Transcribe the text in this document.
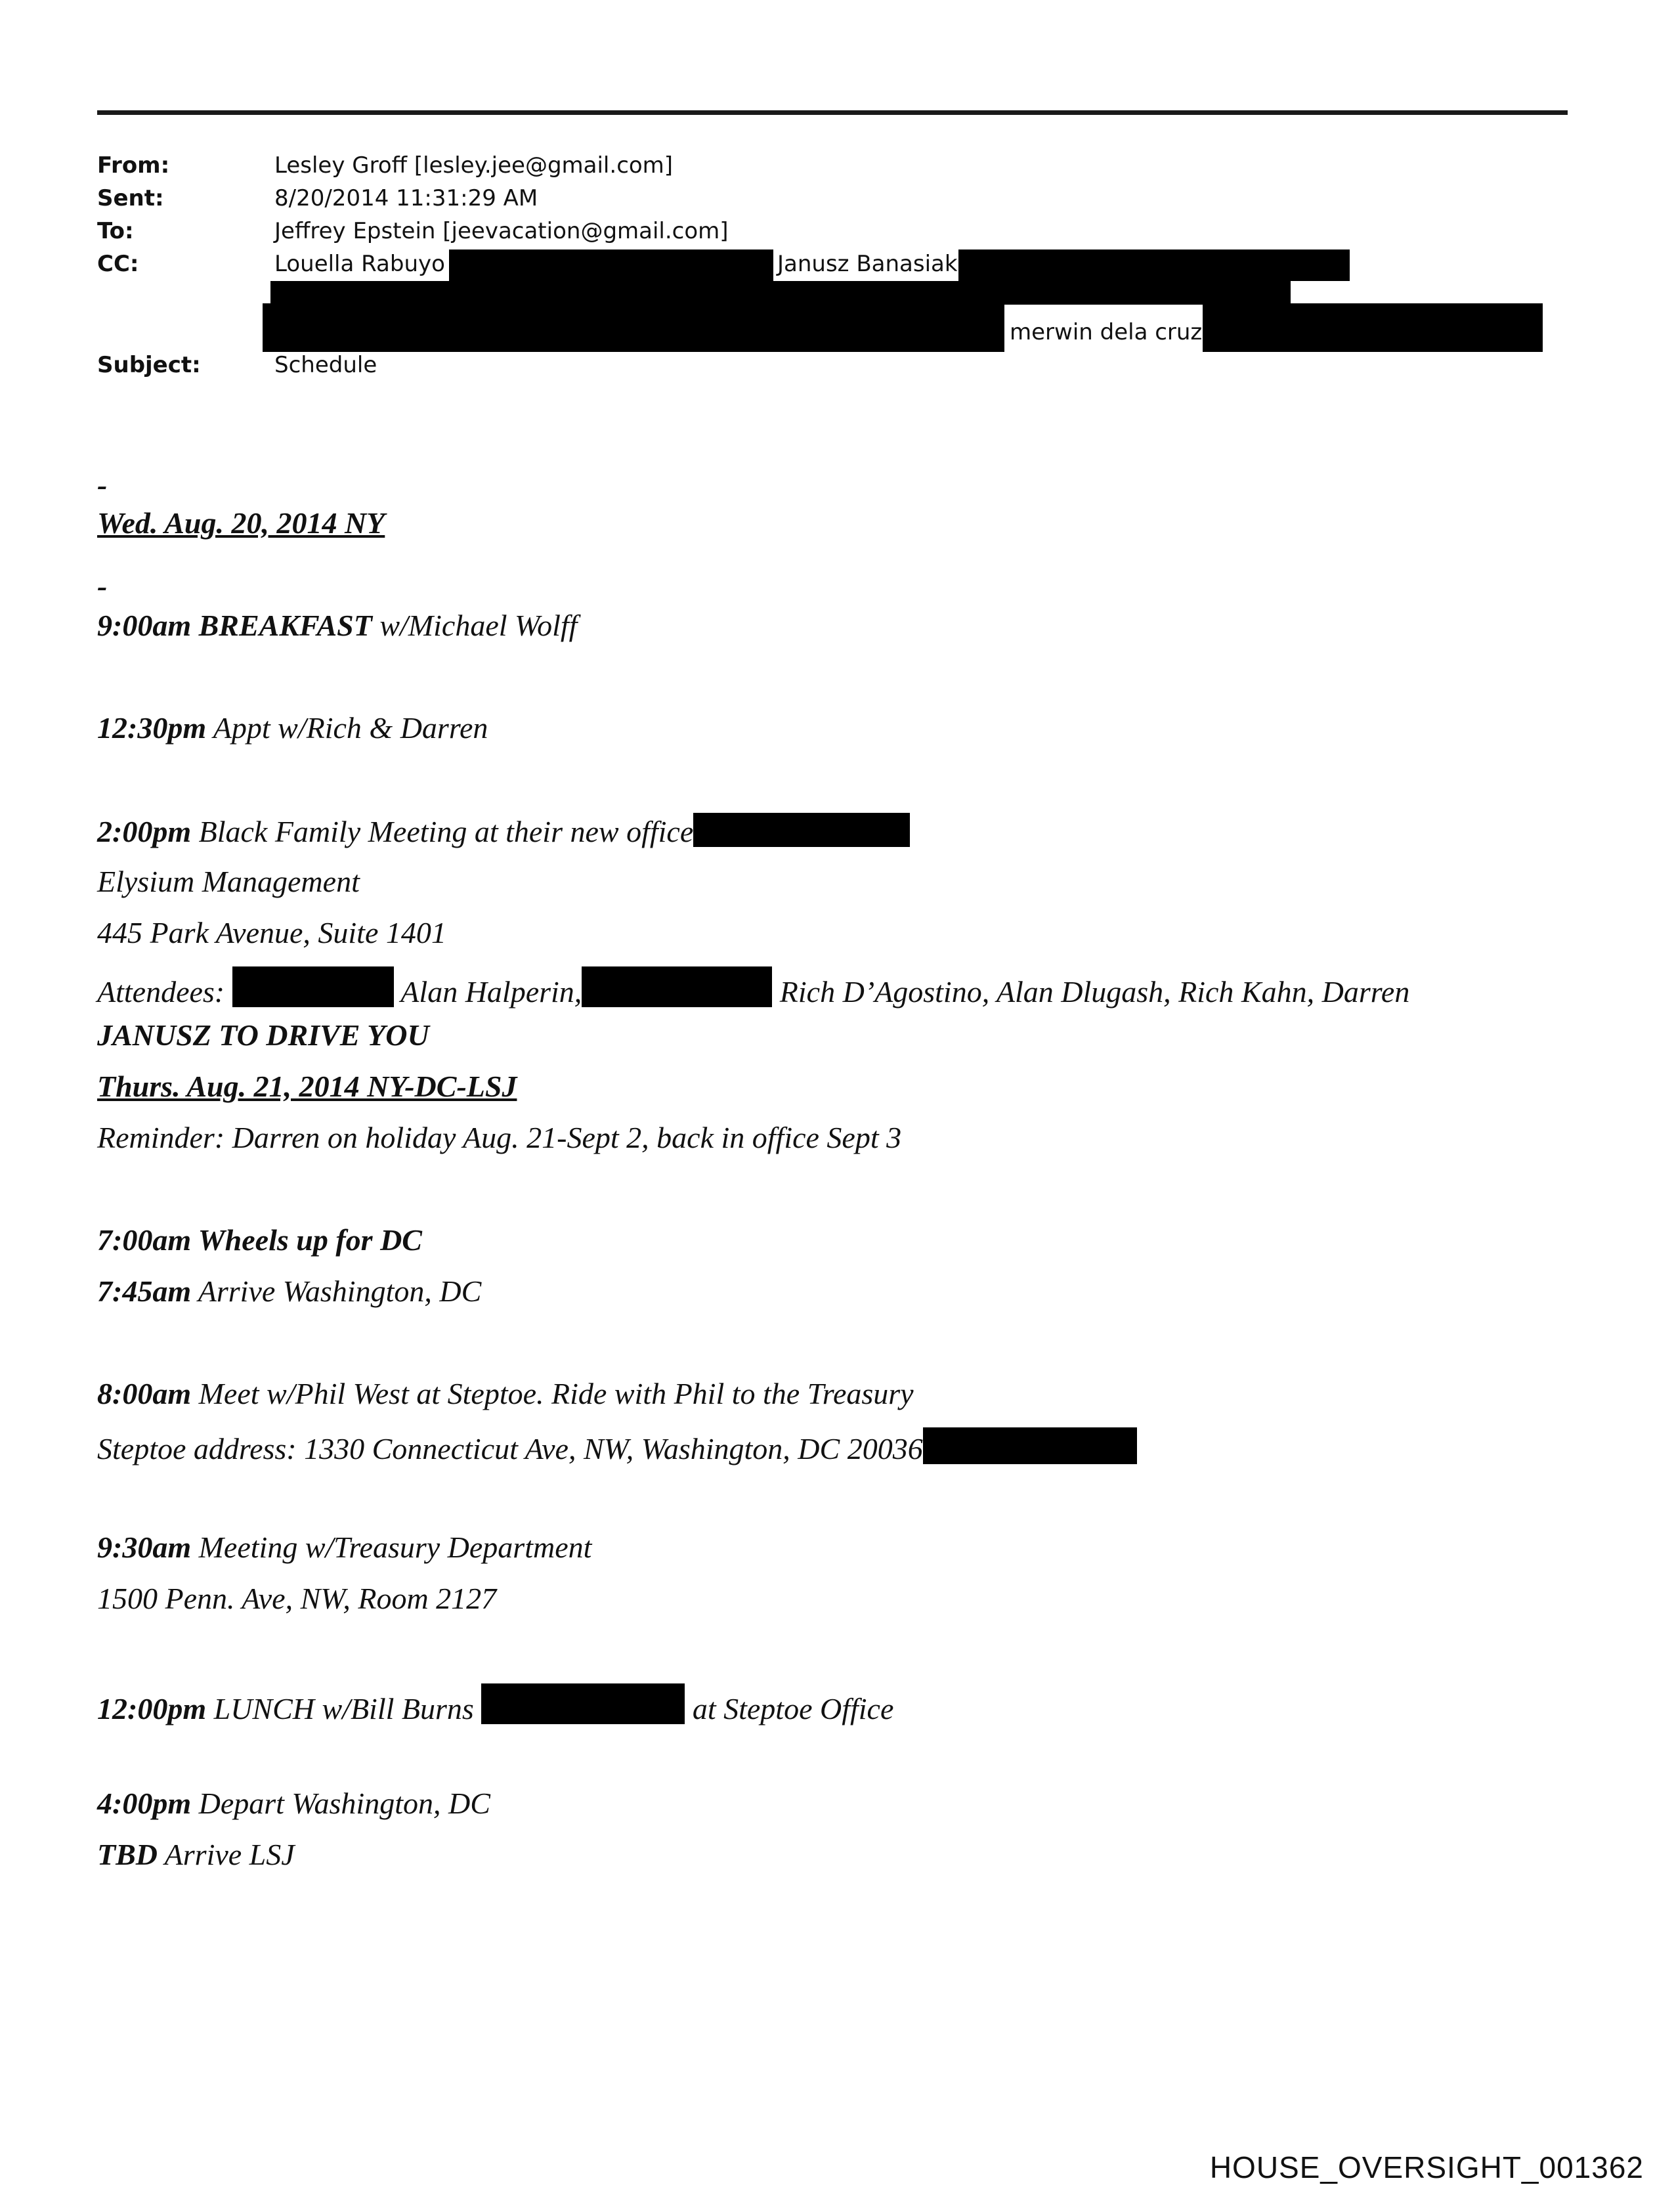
From:	Lesley Groff [lesley.jee@gmail.com]
Sent:	8/20/2014 11:31:29 AM
To:	Jeffrey Epstein [jeevacation@gmail.com]
CC:	Louella Rabuyo	Janusz Banasiak
merwin dela cruz
Subject:	Schedule
-
Wed. Aug. 20, 2014 NY
-
9:00am BREAKFAST w/Michael Wolff
12:30pm Appt w/Rich & Darren
2:00pm Black Family Meeting at their new office
Elysium Management
445 Park Avenue, Suite 1401
Attendees:	Alan Halperin,	Rich D’Agostino, Alan Dlugash, Rich Kahn, Darren
JANUSZ TO DRIVE YOU
Thurs. Aug. 21, 2014 NY-DC-LSJ
Reminder: Darren on holiday Aug. 21-Sept 2, back in office Sept 3
7:00am Wheels up for DC
7:45am Arrive Washington, DC
8:00am Meet w/Phil West at Steptoe. Ride with Phil to the Treasury
Steptoe address: 1330 Connecticut Ave, NW, Washington, DC 20036
9:30am Meeting w/Treasury Department
1500 Penn. Ave, NW, Room 2127
12:00pm LUNCH w/Bill Burns	at Steptoe Office
4:00pm Depart Washington, DC
TBD Arrive LSJ
HOUSE_OVERSIGHT_001362
